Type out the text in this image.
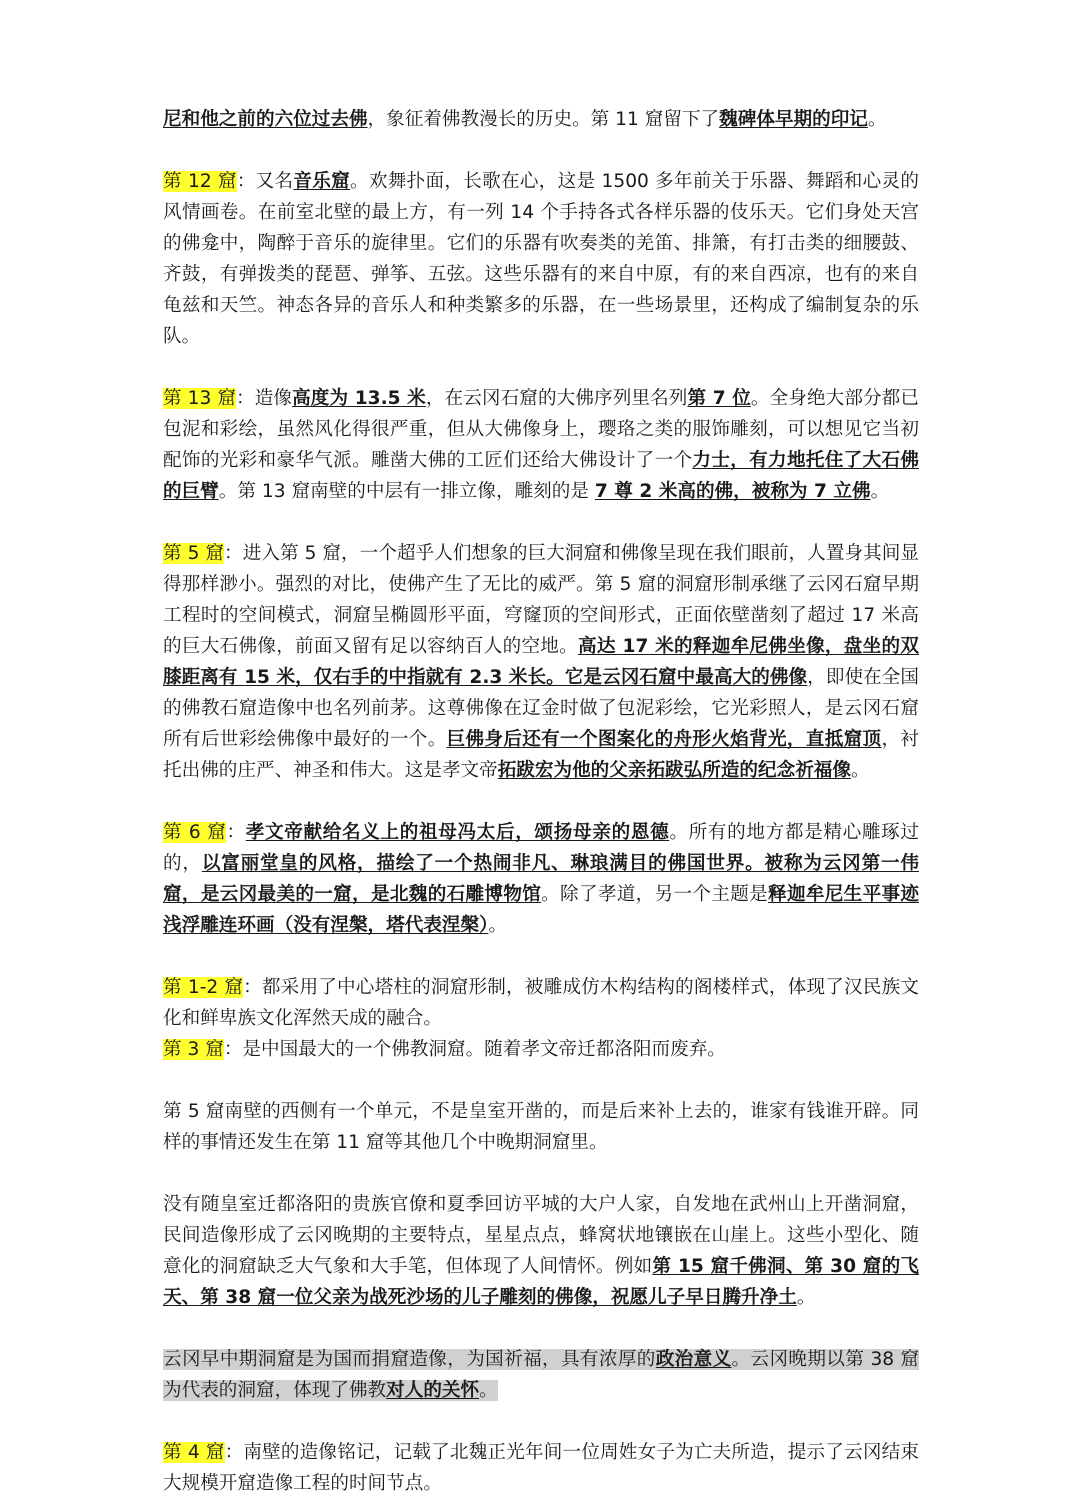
尼和他之前的六位过去佛，象征着佛教漫长的历史。第 11 窟留下了魏碑体早期的印记。

第 12 窟：又名音乐窟。欢舞扑面，长歌在心，这是 1500 多年前关于乐器、舞蹈和心灵的风情画卷。在前室北壁的最上方，有一列 14 个手持各式各样乐器的伎乐天。它们身处天宫的佛龛中，陶醉于音乐的旋律里。它们的乐器有吹奏类的羌笛、排箫，有打击类的细腰鼓、齐鼓，有弹拨类的琵琶、弹筝、五弦。这些乐器有的来自中原，有的来自西凉，也有的来自龟兹和天竺。神态各异的音乐人和种类繁多的乐器，在一些场景里，还构成了编制复杂的乐队。

第 13 窟：造像高度为 13.5 米，在云冈石窟的大佛序列里名列第 7 位。全身绝大部分都已包泥和彩绘，虽然风化得很严重，但从大佛像身上，璎珞之类的服饰雕刻，可以想见它当初配饰的光彩和豪华气派。雕凿大佛的工匠们还给大佛设计了一个力士，有力地托住了大石佛的巨臂。第 13 窟南壁的中层有一排立像，雕刻的是 7 尊 2 米高的佛，被称为 7 立佛。

第 5 窟：进入第 5 窟，一个超乎人们想象的巨大洞窟和佛像呈现在我们眼前，人置身其间显得那样渺小。强烈的对比，使佛产生了无比的威严。第 5 窟的洞窟形制承继了云冈石窟早期工程时的空间模式，洞窟呈椭圆形平面，穹窿顶的空间形式，正面依壁凿刻了超过 17 米高的巨大石佛像，前面又留有足以容纳百人的空地。高达 17 米的释迦牟尼佛坐像，盘坐的双膝距离有 15 米，仅右手的中指就有 2.3 米长。它是云冈石窟中最高大的佛像，即使在全国的佛教石窟造像中也名列前茅。这尊佛像在辽金时做了包泥彩绘，它光彩照人，是云冈石窟所有后世彩绘佛像中最好的一个。巨佛身后还有一个图案化的舟形火焰背光，直抵窟顶，衬托出佛的庄严、神圣和伟大。这是孝文帝拓跋宏为他的父亲拓跋弘所造的纪念祈福像。

第 6 窟：孝文帝献给名义上的祖母冯太后，颂扬母亲的恩德。所有的地方都是精心雕琢过的，以富丽堂皇的风格，描绘了一个热闹非凡、琳琅满目的佛国世界。被称为云冈第一伟窟，是云冈最美的一窟，是北魏的石雕博物馆。除了孝道，另一个主题是释迦牟尼生平事迹浅浮雕连环画（没有涅槃，塔代表涅槃）。

第 1-2 窟：都采用了中心塔柱的洞窟形制，被雕成仿木构结构的阁楼样式，体现了汉民族文化和鲜卑族文化浑然天成的融合。

第 3 窟：是中国最大的一个佛教洞窟。随着孝文帝迁都洛阳而废弃。

第 5 窟南壁的西侧有一个单元，不是皇室开凿的，而是后来补上去的，谁家有钱谁开辟。同样的事情还发生在第 11 窟等其他几个中晚期洞窟里。

没有随皇室迁都洛阳的贵族官僚和夏季回访平城的大户人家，自发地在武州山上开凿洞窟，民间造像形成了云冈晚期的主要特点，星星点点，蜂窝状地镶嵌在山崖上。这些小型化、随意化的洞窟缺乏大气象和大手笔，但体现了人间情怀。例如第 15 窟千佛洞、第 30 窟的飞天、第 38 窟一位父亲为战死沙场的儿子雕刻的佛像，祝愿儿子早日腾升净土。

云冈早中期洞窟是为国而捐窟造像，为国祈福，具有浓厚的政治意义。云冈晚期以第 38 窟为代表的洞窟，体现了佛教对人的关怀。

第 4 窟：南壁的造像铭记，记载了北魏正光年间一位周姓女子为亡夫所造，提示了云冈结束大规模开窟造像工程的时间节点。
